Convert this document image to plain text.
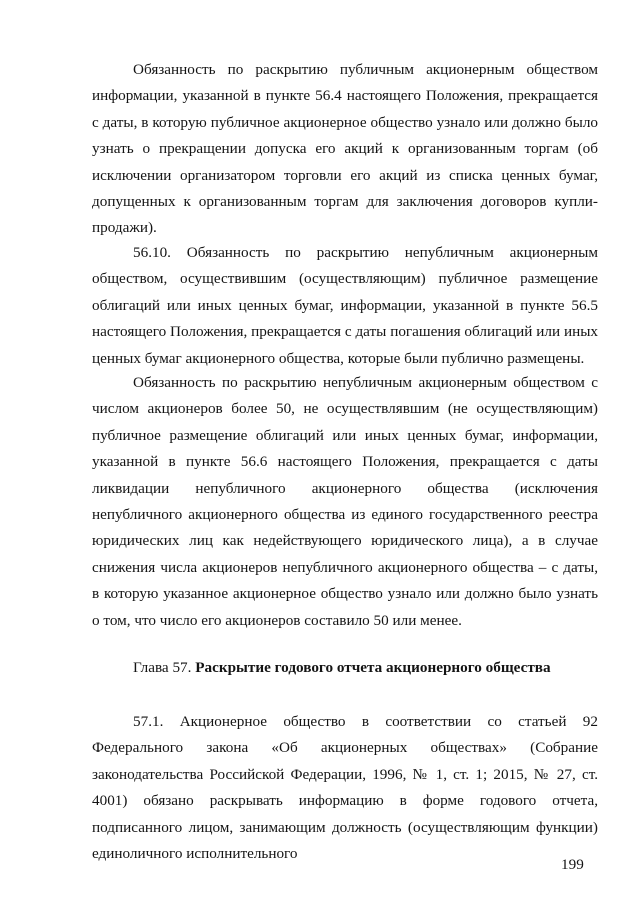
Обязанность по раскрытию публичным акционерным обществом информации, указанной в пункте 56.4 настоящего Положения, прекращается с даты, в которую публичное акционерное общество узнало или должно было узнать о прекращении допуска его акций к организованным торгам (об исключении организатором торговли его акций из списка ценных бумаг, допущенных к организованным торгам для заключения договоров купли-продажи).

56.10. Обязанность по раскрытию непубличным акционерным обществом, осуществившим (осуществляющим) публичное размещение облигаций или иных ценных бумаг, информации, указанной в пункте 56.5 настоящего Положения, прекращается с даты погашения облигаций или иных ценных бумаг акционерного общества, которые были публично размещены.

Обязанность по раскрытию непубличным акционерным обществом с числом акционеров более 50, не осуществлявшим (не осуществляющим) публичное размещение облигаций или иных ценных бумаг, информации, указанной в пункте 56.6 настоящего Положения, прекращается с даты ликвидации непубличного акционерного общества (исключения непубличного акционерного общества из единого государственного реестра юридических лиц как недействующего юридического лица), а в случае снижения числа акционеров непубличного акционерного общества – с даты, в которую указанное акционерное общество узнало или должно было узнать о том, что число его акционеров составило 50 или менее.

Глава 57. Раскрытие годового отчета акционерного общества

57.1. Акционерное общество в соответствии со статьей 92 Федерального закона «Об акционерных обществах» (Собрание законодательства Российской Федерации, 1996, № 1, ст. 1; 2015, № 27, ст. 4001) обязано раскрывать информацию в форме годового отчета, подписанного лицом, занимающим должность (осуществляющим функции) единоличного исполнительного

199
